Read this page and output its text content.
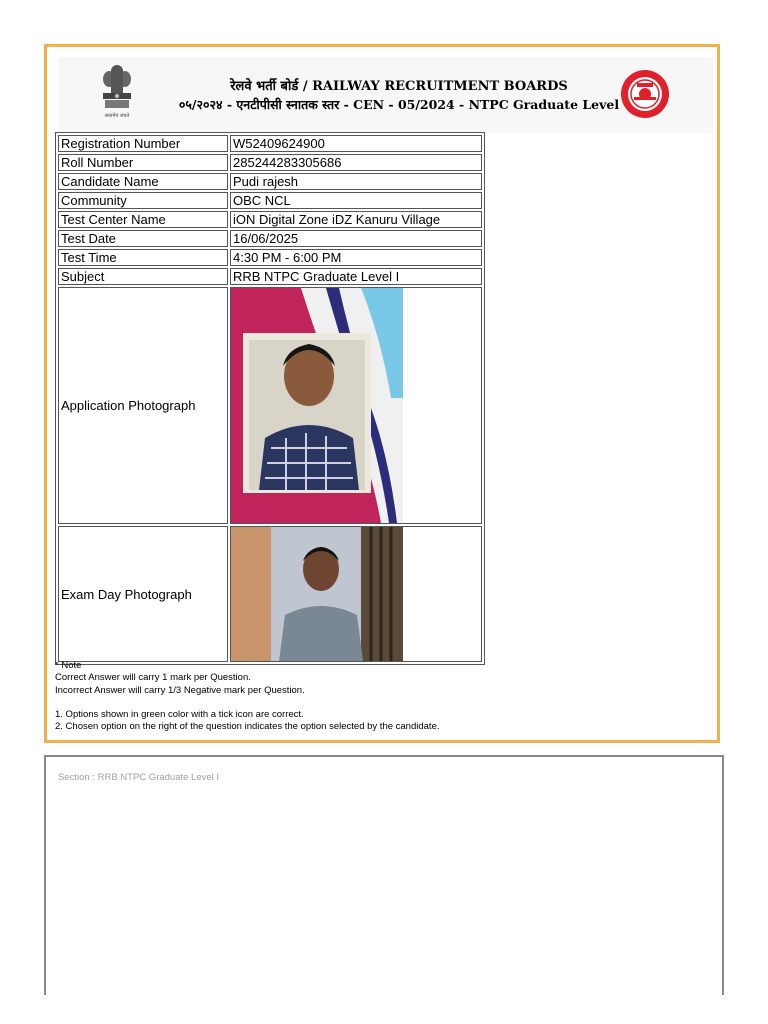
सत्यमेव जयते
रेलवे भर्ती बोर्ड / RAILWAY RECRUITMENT BOARDS
०५/२०२४ - एनटीपीसी स्नातक स्तर - CEN - 05/2024 - NTPC Graduate Level
Registration Number	W52409624900
Roll Number	285244283305686
Candidate Name	Pudi rajesh
Community	OBC NCL
Test Center Name	iON Digital Zone iDZ Kanuru Village
Test Date	16/06/2025
Test Time	4:30 PM - 6:00 PM
Subject	RRB NTPC Graduate Level I
Application Photograph	

Exam Day Photograph	
* Note
Correct Answer will carry 1 mark per Question.
Incorrect Answer will carry 1/3 Negative mark per Question.
1. Options shown in green color with a tick icon are correct.
2. Chosen option on the right of the question indicates the option selected by the candidate.
Section : RRB NTPC Graduate Level I
